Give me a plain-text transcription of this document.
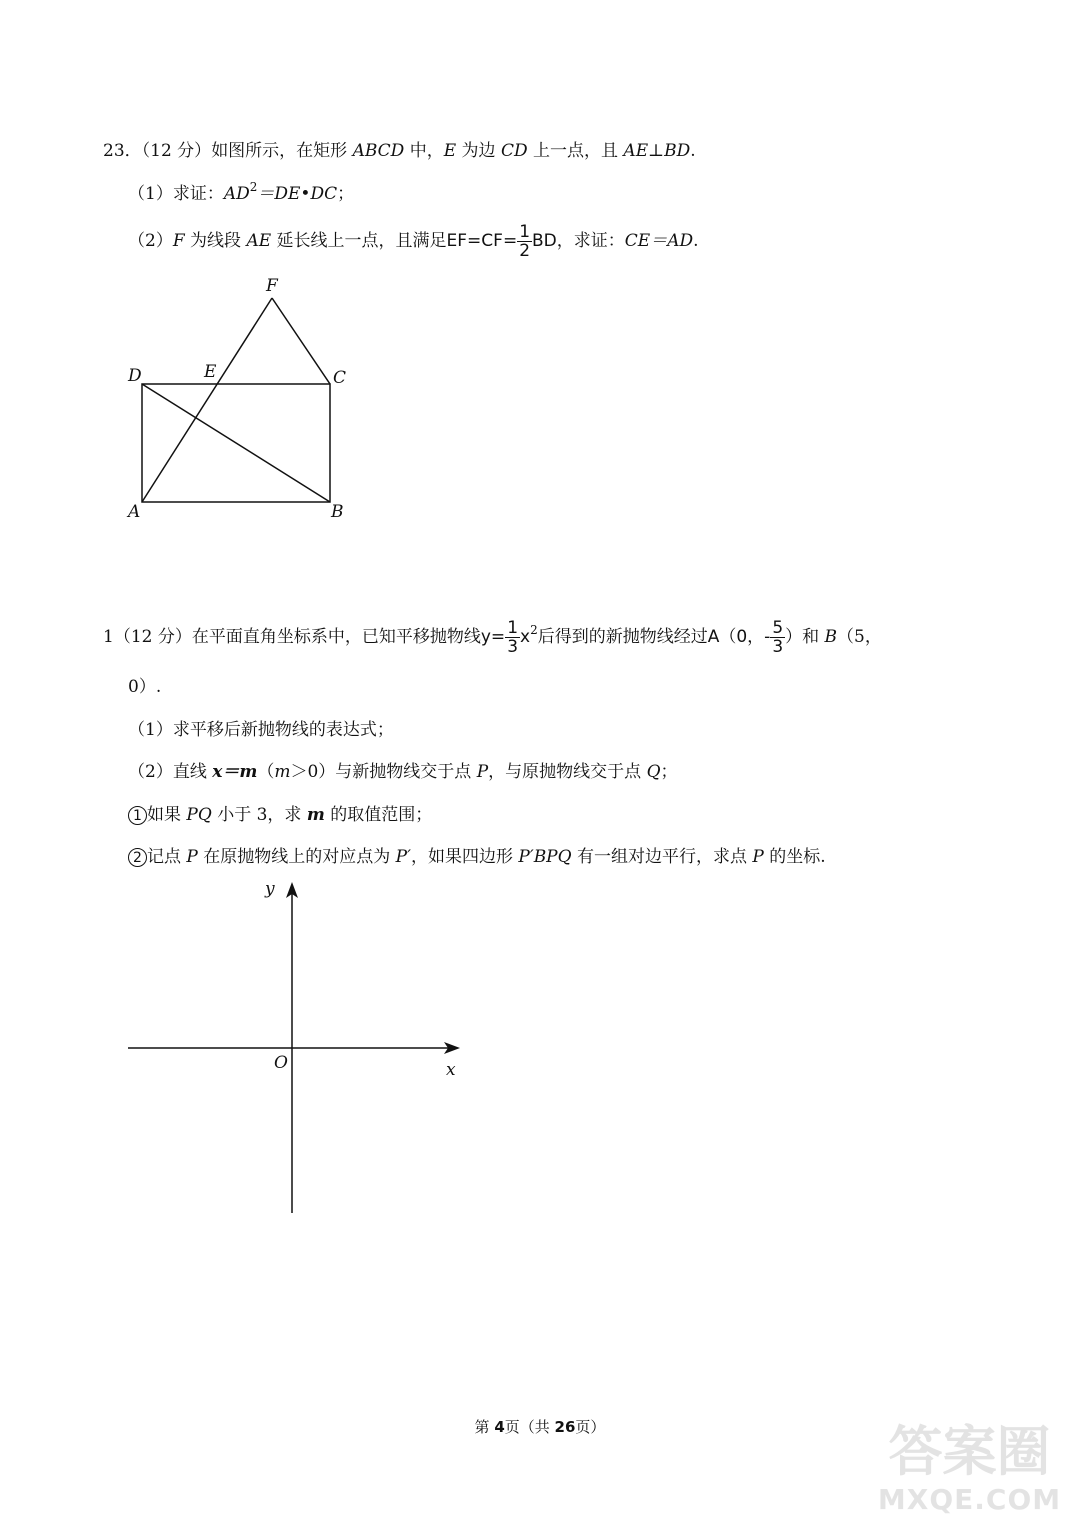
23．（12 分）如图所示，在矩形 ABCD 中，E 为边 CD 上一点，且 AE⊥BD.
（1）求证：$AD^2=DE•DC$；
（2）F 为线段 AE 延长线上一点，且满足$EF=CF= \frac{1}{2}$ BD，求证：CE＝AD.
F
D	E	C
A	B
1（12 分）在平面直角坐标系中，已知平移抛物线$y= \frac{1}{3} x^2$后得到的新抛物线经过A（0，- $\frac{5}{3}$ ）和 B（5，
0）.
（1）求平移后新抛物线的表达式；
（2）直线 x＝m（m＞0）与新抛物线交于点 P，与原抛物线交于点 Q；
1 如果 PQ 小于 3，求 m 的取值范围；
2 记点 P 在原抛物线上的对应点为 P′，如果四边形 P′BPQ 有一组对边平行，求点 P 的坐标.
y
x
O
第 4页（共 26页）	答案圈
MXQE.COM
